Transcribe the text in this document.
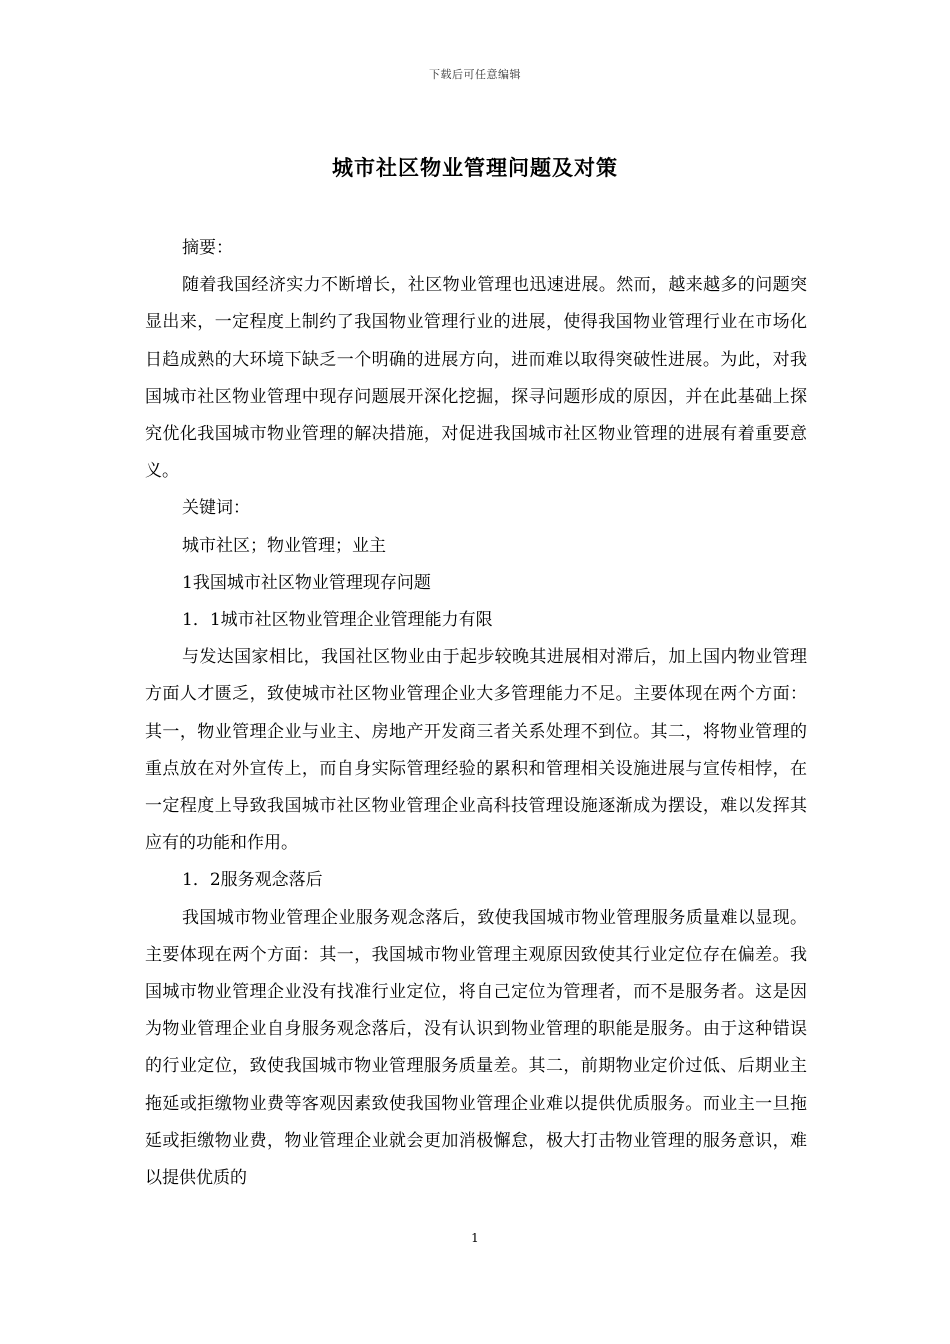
下载后可任意编辑
城市社区物业管理问题及对策

摘要：

随着我国经济实力不断增长，社区物业管理也迅速进展。然而，越来越多的问题突显出来，一定程度上制约了我国物业管理行业的进展，使得我国物业管理行业在市场化日趋成熟的大环境下缺乏一个明确的进展方向，进而难以取得突破性进展。为此，对我国城市社区物业管理中现存问题展开深化挖掘，探寻问题形成的原因，并在此基础上探究优化我国城市物业管理的解决措施，对促进我国城市社区物业管理的进展有着重要意义。

关键词：

城市社区；物业管理；业主

1我国城市社区物业管理现存问题

1．1城市社区物业管理企业管理能力有限

与发达国家相比，我国社区物业由于起步较晚其进展相对滞后，加上国内物业管理方面人才匮乏，致使城市社区物业管理企业大多管理能力不足。主要体现在两个方面：其一，物业管理企业与业主、房地产开发商三者关系处理不到位。其二，将物业管理的重点放在对外宣传上，而自身实际管理经验的累积和管理相关设施进展与宣传相悖，在一定程度上导致我国城市社区物业管理企业高科技管理设施逐渐成为摆设，难以发挥其应有的功能和作用。

1．2服务观念落后

我国城市物业管理企业服务观念落后，致使我国城市物业管理服务质量难以显现。主要体现在两个方面：其一，我国城市物业管理主观原因致使其行业定位存在偏差。我国城市物业管理企业没有找准行业定位，将自己定位为管理者，而不是服务者。这是因为物业管理企业自身服务观念落后，没有认识到物业管理的职能是服务。由于这种错误的行业定位，致使我国城市物业管理服务质量差。其二，前期物业定价过低、后期业主拖延或拒缴物业费等客观因素致使我国物业管理企业难以提供优质服务。而业主一旦拖延或拒缴物业费，物业管理企业就会更加消极懈怠，极大打击物业管理的服务意识，难以提供优质的

1
